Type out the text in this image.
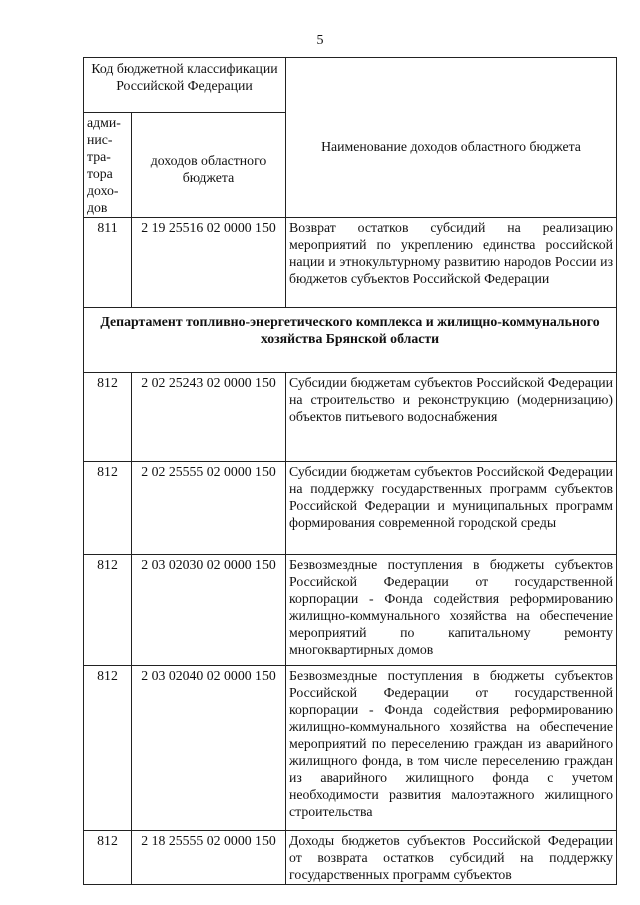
5
Код бюджетной классификации Российской Федерации		Наименование доходов областного бюджета
адми-нис-тра-тора дохо-дов	доходов областного бюджета	
811	2 19 25516 02 0000 150	Возврат остатков субсидий на реализацию мероприятий по укреплению единства российской нации и этнокультурному развитию народов России из бюджетов субъектов Российской Федерации
Департамент топливно-энергетического комплекса и жилищно-коммунального хозяйства Брянской области		
812	2 02 25243 02 0000 150	Субсидии бюджетам субъектов Российской Федерации на строительство и реконструкцию (модернизацию) объектов питьевого водоснабжения
812	2 02 25555 02 0000 150	Субсидии бюджетам субъектов Российской Федерации на поддержку государственных программ субъектов Российской Федерации и муниципальных программ формирования современной городской среды
812	2 03 02030 02 0000 150	Безвозмездные поступления в бюджеты субъектов Российской Федерации от государственной корпорации - Фонда содействия реформированию жилищно-коммунального хозяйства на обеспечение мероприятий по капитальному ремонту многоквартирных домов
812	2 03 02040 02 0000 150	Безвозмездные поступления в бюджеты субъектов Российской Федерации от государственной корпорации - Фонда содействия реформированию жилищно-коммунального хозяйства на обеспечение мероприятий по переселению граждан из аварийного жилищного фонда, в том числе переселению граждан из аварийного жилищного фонда с учетом необходимости развития малоэтажного жилищного строительства
812	2 18 25555 02 0000 150	Доходы бюджетов субъектов Российской Федерации от возврата остатков субсидий на поддержку государственных программ субъектов
